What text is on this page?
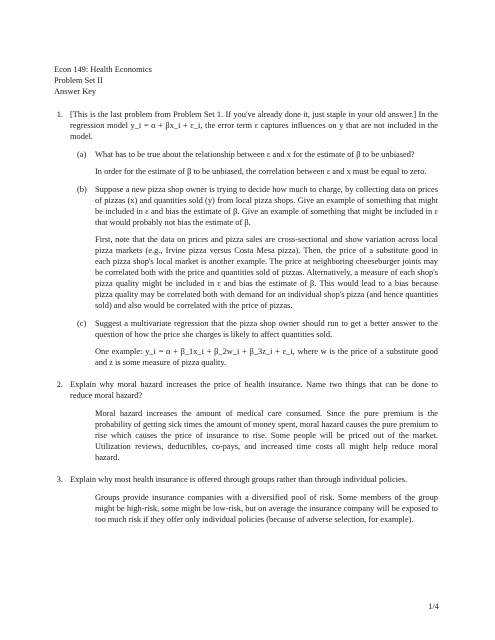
Econ 149: Health Economics
Problem Set II
Answer Key
1. [This is the last problem from Problem Set 1. If you've already done it, just staple in your old answer.] In the regression model y_i = α + βx_i + ε_i, the error term ε captures influences on y that are not included in the model.
(a)	What has to be true about the relationship between ε and x for the estimate of β to be unbiased?
In order for the estimate of β to be unbiased, the correlation between ε and x must be equal to zero.
(b) Suppose a new pizza shop owner is trying to decide how much to charge, by collecting data on prices of pizzas (x) and quantities sold (y) from local pizza shops. Give an example of something that might be included in ε and bias the estimate of β. Give an example of something that might be included in ε that would probably not bias the estimate of β.
First, note that the data on prices and pizza sales are cross-sectional and show variation across local pizza markets (e.g., Irvine pizza versus Costa Mesa pizza). Then, the price of a substitute good in each pizza shop's local market is another example. The price at neighboring cheeseburger joints may be correlated both with the price and quantities sold of pizzas. Alternatively, a measure of each shop's pizza quality might be included in ε and bias the estimate of β. This would lead to a bias because pizza quality may be correlated both with demand for an individual shop's pizza (and hence quantities sold) and also would be correlated with the price of pizzas.
(c)	Suggest a multivariate regression that the pizza shop owner should run to get a better answer to the question of how the price she charges is likely to affect quantities sold.
One example: y_i = α + β_1x_i + β_2w_i + β_3z_i + ε_i, where w is the price of a substitute good and z is some measure of pizza quality.
2. Explain why moral hazard increases the price of health insurance. Name two things that can be done to reduce moral hazard?
Moral hazard increases the amount of medical care consumed. Since the pure premium is the probability of getting sick times the amount of money spent, moral hazard causes the pure premium to rise which causes the price of insurance to rise. Some people will be priced out of the market. Utilization reviews, deductibles, co-pays, and increased time costs all might help reduce moral hazard.
3. Explain why most health insurance is offered through groups rather than through individual policies.
Groups provide insurance companies with a diversified pool of risk. Some members of the group might be high-risk, some might be low-risk, but on average the insurance company will be exposed to too much risk if they offer only individual policies (because of adverse selection, for example).
1/4
